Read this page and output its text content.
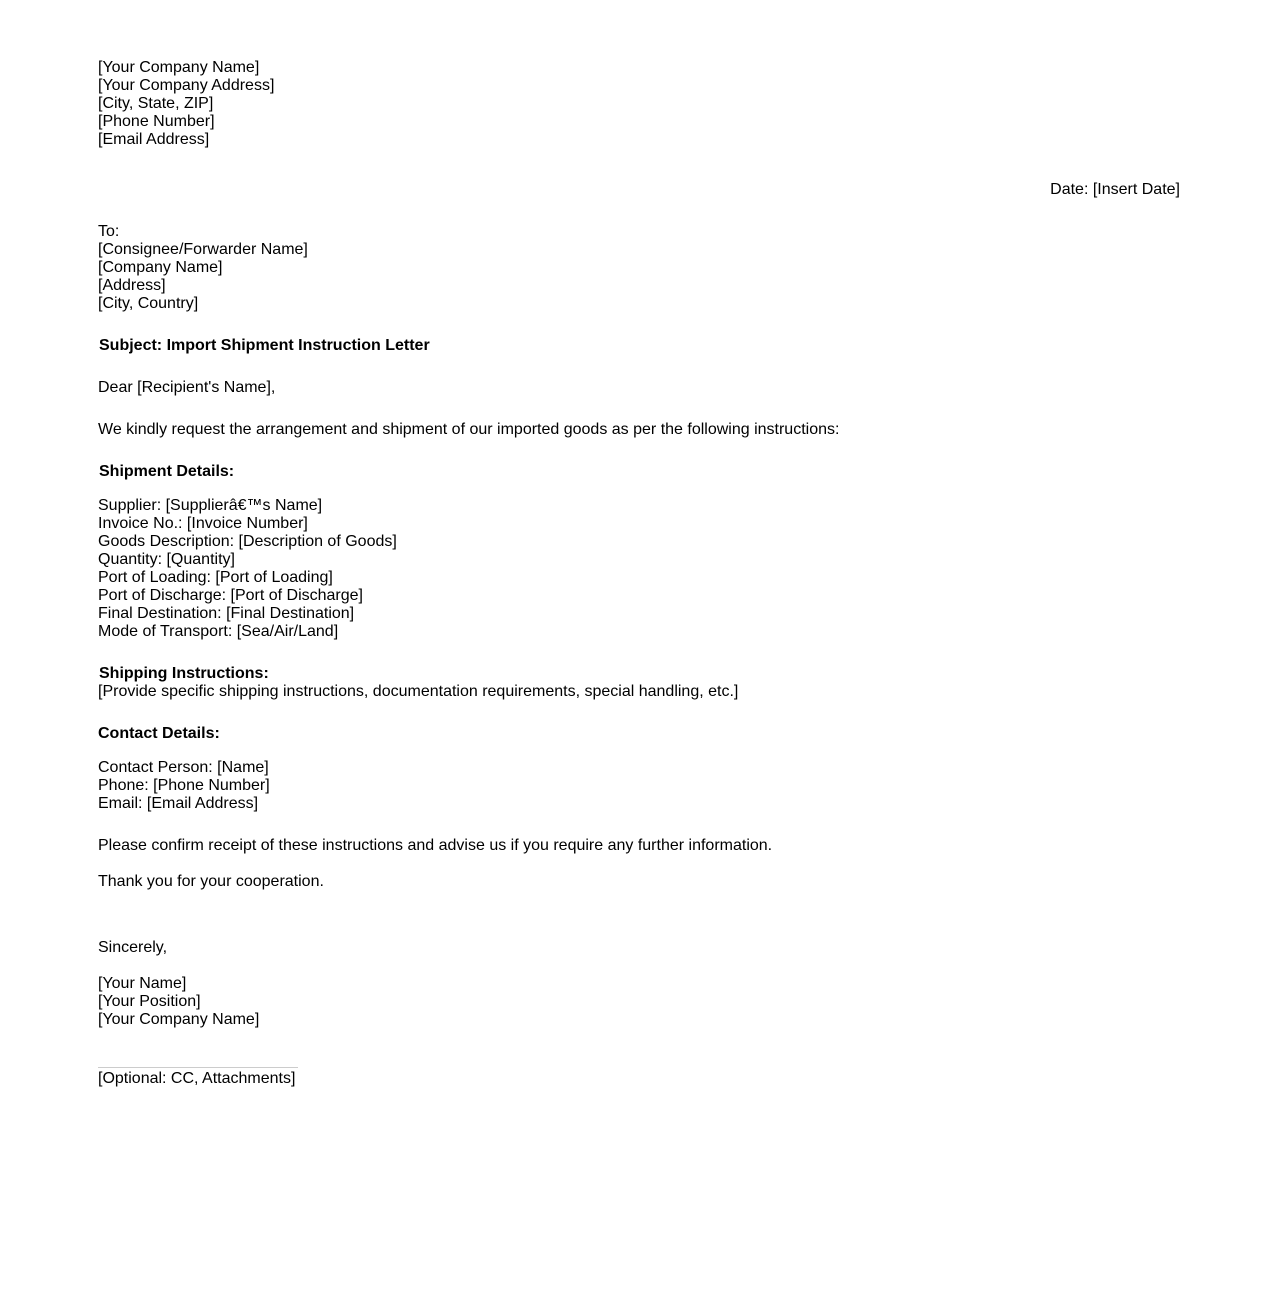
[Your Company Name]
[Your Company Address]
[City, State, ZIP]
[Phone Number]
[Email Address]
Date: [Insert Date]
To:
[Consignee/Forwarder Name]
[Company Name]
[Address]
[City, Country]
Subject: Import Shipment Instruction Letter
Dear [Recipient's Name],
We kindly request the arrangement and shipment of our imported goods as per the following instructions:
Shipment Details:
Supplier: [Supplierâ€™s Name]
Invoice No.: [Invoice Number]
Goods Description: [Description of Goods]
Quantity: [Quantity]
Port of Loading: [Port of Loading]
Port of Discharge: [Port of Discharge]
Final Destination: [Final Destination]
Mode of Transport: [Sea/Air/Land]
Shipping Instructions:
[Provide specific shipping instructions, documentation requirements, special handling, etc.]
Contact Details:
Contact Person: [Name]
Phone: [Phone Number]
Email: [Email Address]
Please confirm receipt of these instructions and advise us if you require any further information.
Thank you for your cooperation.
Sincerely,
[Your Name]
[Your Position]
[Your Company Name]
[Optional: CC, Attachments]
